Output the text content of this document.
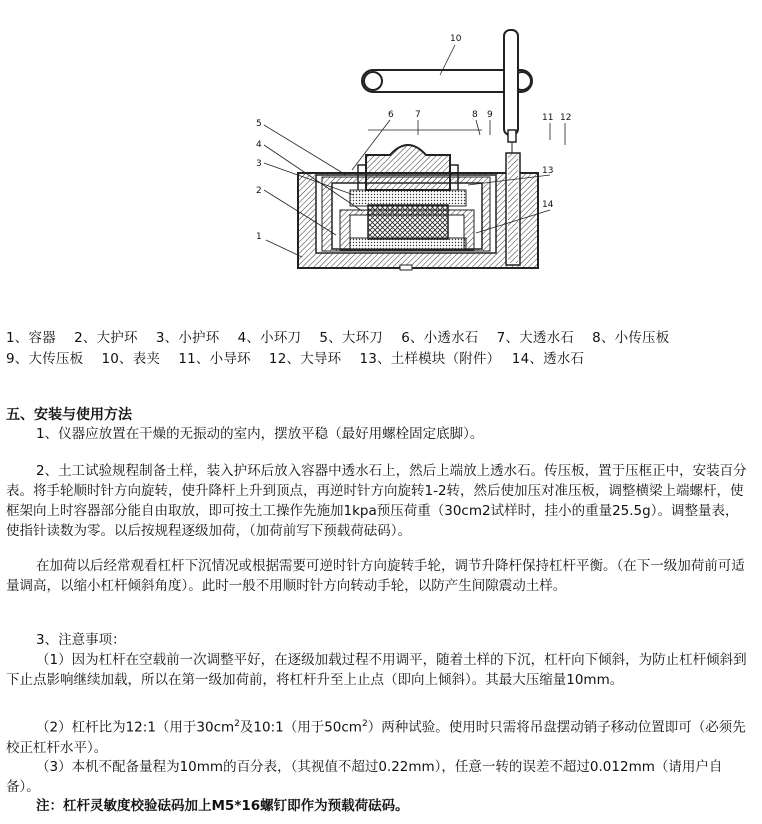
1
2
3
4
5
6 7	8 9
10
11 12
13
14
1、容器　 2、大护环　 3、小护环　 4、小环刀　 5、大环刀　 6、小透水石　 7、大透水石　 8、小传压板
9、大传压板　 10、表夹　 11、小导环　 12、大导环　 13、土样模块（附件）　 14、透水石
五、安装与使用方法
1、仪器应放置在干燥的无振动的室内，摆放平稳（最好用螺栓固定底脚）。
2、土工试验规程制备土样，装入护环后放入容器中透水石上，然后上端放上透水石。传压板，置于压框正中，安装百分表。将手轮顺时针方向旋转，使升降杆上升到顶点，再逆时针方向旋转1-2转，然后使加压对准压板，调整横梁上端螺杆，使框架向上时容器部分能自由取放，即可按土工操作先施加1kpa预压荷重（30cm2试样时，挂小的重量25.5g）。调整量表，使指针读数为零。以后按规程逐级加荷，（加荷前写下预载荷砝码）。
在加荷以后经常观看杠杆下沉情况或根据需要可逆时针方向旋转手轮，调节升降杆保持杠杆平衡。（在下一级加荷前可适量调高，以缩小杠杆倾斜角度）。此时一般不用顺时针方向转动手轮，以防产生间隙震动土样。
3、注意事项：
（1）因为杠杆在空载前一次调整平好，在逐级加载过程不用调平，随着土样的下沉，杠杆向下倾斜，为防止杠杆倾斜到下止点影响继续加载，所以在第一级加荷前，将杠杆升至上止点（即向上倾斜）。其最大压缩量10mm。
（2）杠杆比为12:1（用于$30cm^2$及10:1（用于$50cm^2$）两种试验。使用时只需将吊盘摆动销子移动位置即可（必须先校正杠杆水平）。
（3）本机不配备量程为10mm的百分表，（其视值不超过0.22mm），任意一转的误差不超过0.012mm（请用户自备）。
注：杠杆灵敏度校验砝码加上M5*16螺钉即作为预载荷砝码。
